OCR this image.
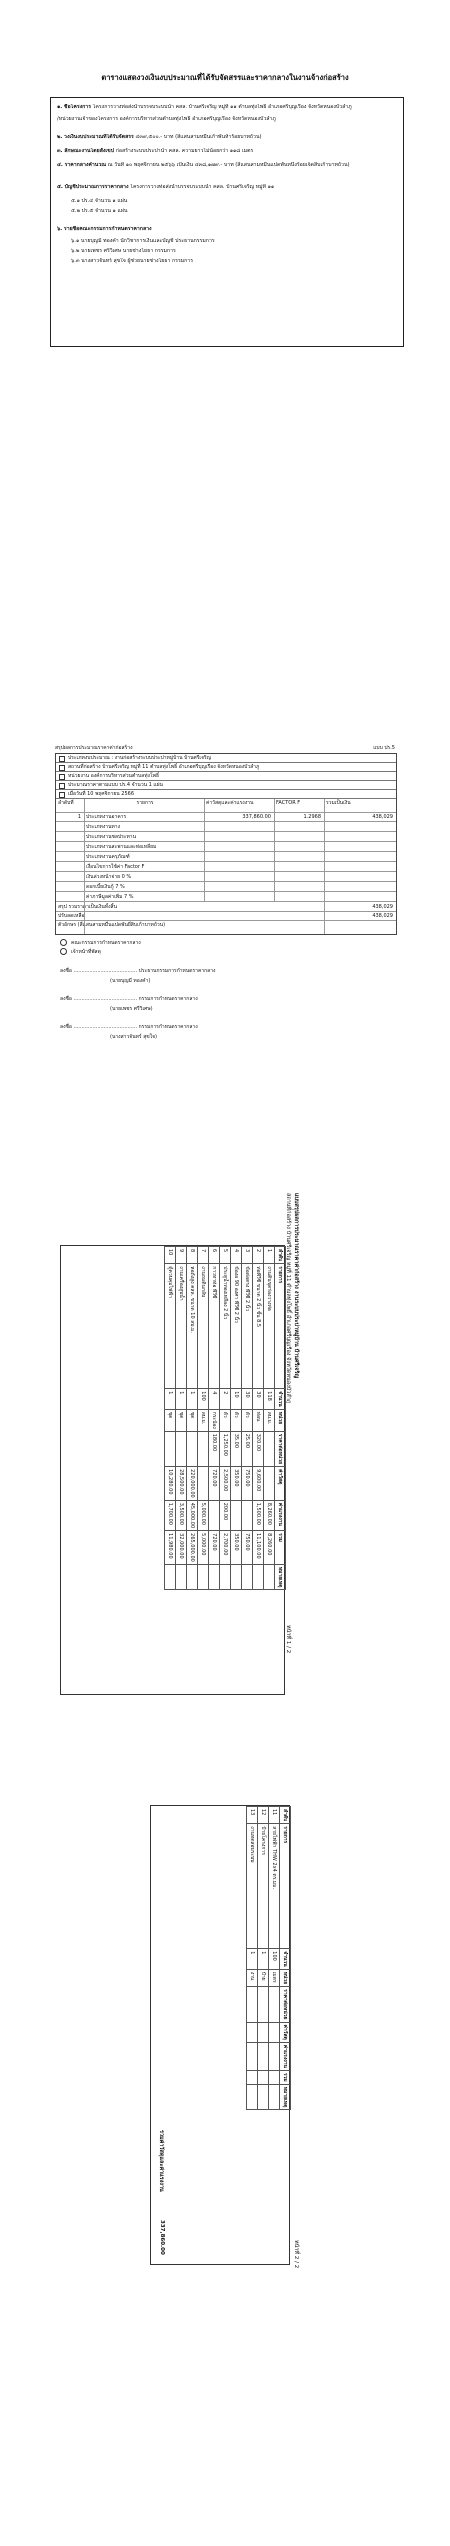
ตารางแสดงวงเงินงบประมาณที่ได้รับจัดสรรและราคากลางในงานจ้างก่อสร้าง
๑. ชื่อโครงการ โครงการวางท่อส่งน้ำบรรจบระบบน้ำ คสล. บ้านศรีเจริญ หมู่ที่ ๑๑ ตำบลทุ่งโพธิ์ อำเภอศรีบุญเรือง จังหวัดหนองบัวลำภู
/หน่วยงานเจ้าของโครงการ องค์การบริหารส่วนตำบลทุ่งโพธิ์ อำเภอศรีบุญเรือง จังหวัดหนองบัวลำภู
๒. วงเงินงบประมาณที่ได้รับจัดสรร ๔๓๙,๕๐๐.- บาท (สี่แสนสามหมื่นเก้าพันห้าร้อยบาทถ้วน)
๓. ลักษณะงานโดยสังเขป ก่อสร้างระบบประปาน้ำ คสล. ความยาวไม่น้อยกว่า ๑๑๘ เมตร
๔. ราคากลางคำนวณ ณ วันที่ ๑๐ พฤศจิกายน ๒๕๖๖ เป็นเงิน ๔๓๘,๑๗๙.- บาท (สี่แสนสามหมื่นแปดพันหนึ่งร้อยเจ็ดสิบเก้าบาทถ้วน)
๕. บัญชีประมาณการราคากลาง โครงการวางท่อส่งน้ำบรรจบระบบน้ำ คสล. บ้านศรีเจริญ หมู่ที่ ๑๑
๕.๑ ปร.๔ จำนวน ๑ แผ่น
๕.๒ ปร.๕ จำนวน ๑ แผ่น
๖. รายชื่อคณะกรรมการกำหนดราคากลาง
๖.๑ นายบุญมี ทองคำ นักวิชาการเงินและบัญชี ประธานกรรมการ
๖.๒ นายเพชร ศรีวิเศษ นายช่างโยธา กรรมการ
๖.๓ นางสาวจันทร์ สุขใจ ผู้ช่วยนายช่างโยธา กรรมการ
สรุปผลการประมาณราคาค่าก่อสร้าง	แบบ ปร.5
ประเภทงบประมาณ : งานก่อสร้างระบบประปาหมู่บ้าน บ้านศรีเจริญ
สถานที่ก่อสร้าง บ้านศรีเจริญ หมู่ที่ 11 ตำบลทุ่งโพธิ์ อำเภอศรีบุญเรือง จังหวัดหนองบัวลำภู
หน่วยงาน องค์การบริหารส่วนตำบลทุ่งโพธิ์
ประมาณราคาตามแบบ ปร.4 จำนวน 1 แผ่น
เมื่อวันที่ 10 พฤศจิกายน 2566
ลำดับที่	รายการ	ค่าวัสดุและค่าแรงงาน	FACTOR F	รวมเป็นเงิน
1	ประเภทงานอาคาร	337,860.00	1.2968	438,029
ประเภทงานทาง
ประเภทงานชลประทาน
ประเภทงานสะพานและท่อเหลี่ยม
ประเภทงานครุภัณฑ์
เงื่อนไขการใช้ค่า Factor F
เงินล่วงหน้าจ่าย 0 %
ดอกเบี้ยเงินกู้ 7 %
ค่าภาษีมูลค่าเพิ่ม 7 %
สรุป รวมราคาเป็นเงินทั้งสิ้น	438,029
ปรับลดเหลือ	438,029
ตัวอักษร (สี่แสนสามหมื่นแปดพันยี่สิบเก้าบาทถ้วน)
คณะกรรมการกำหนดราคากลาง
เจ้าหน้าที่พัสดุ
ลงชื่อ ........................................ ประธานกรรมการกำหนดราคากลาง
(นายบุญมี ทองคำ)
ลงชื่อ ........................................ กรรมการกำหนดราคากลาง
(นายเพชร ศรีวิเศษ)
ลงชื่อ ........................................ กรรมการกำหนดราคากลาง
(นางสาวจันทร์ สุขใจ)
แบบสรุปผลการประมาณราคาค่าก่อสร้าง งานระบบประปาหมู่บ้าน บ้านศรีเจริญ
สถานที่ก่อสร้าง บ้านศรีเจริญ หมู่ที่ 11 ตำบลทุ่งโพธิ์ อำเภอศรีบุญเรือง จังหวัดหนองบัวลำภู
หน้าที่ 1 / 2
ลำดับ	รายการ	จำนวน	หน่วย	ราคาต่อหน่วย	ค่าวัสดุ	ค่าแรงงาน	รวม	หมายเหตุ
1	งานดินขุดร่องวางท่อ	118	ลบ.ม.			8,260.00	8,260.00	
2	ท่อพีวีซี ขนาด 2 นิ้ว ชั้น 8.5	30	ท่อน	320.00	9,600.00	1,500.00	11,100.00	
3	ข้อต่อตรง พีวีซี 2 นิ้ว	30	ตัว	25.00	750.00		750.00	
4	ข้องอ 90 องศา พีวีซี 2 นิ้ว	10	ตัว	35.00	350.00		350.00	
5	ประตูน้ำทองเหลือง 2 นิ้ว	2	ตัว	1,250.00	2,500.00	200.00	2,700.00	
6	กาวทาท่อ พีวีซี	4	กระป๋อง	180.00	720.00		720.00	
7	งานถมดินกลับ	100	ลบ.ม.			5,000.00	5,000.00	
8	หอถังสูง คสล. ขนาด 10 ลบ.ม.	1	ชุด		220,000.00	45,000.00	265,000.00	
9	งานเครื่องสูบน้ำ	1	ชุด		28,500.00	3,500.00	32,000.00	
10	ตู้ควบคุมไฟฟ้า	1	ชุด		10,280.00	1,700.00	11,980.00	
หน้าที่ 2 / 2
ลำดับ	รายการ	จำนวน	หน่วย	ราคาต่อหน่วย	ค่าวัสดุ	ค่าแรงงาน	รวม	หมายเหตุ
11	สายไฟฟ้า THW 2x4 ตร.มม.	100	เมตร					
12	ป้ายโครงการ	1	ป้าย					
13	งานทดสอบระบบ	1	งาน					
รวมค่าวัสดุและค่าแรงงาน
337,860.00
